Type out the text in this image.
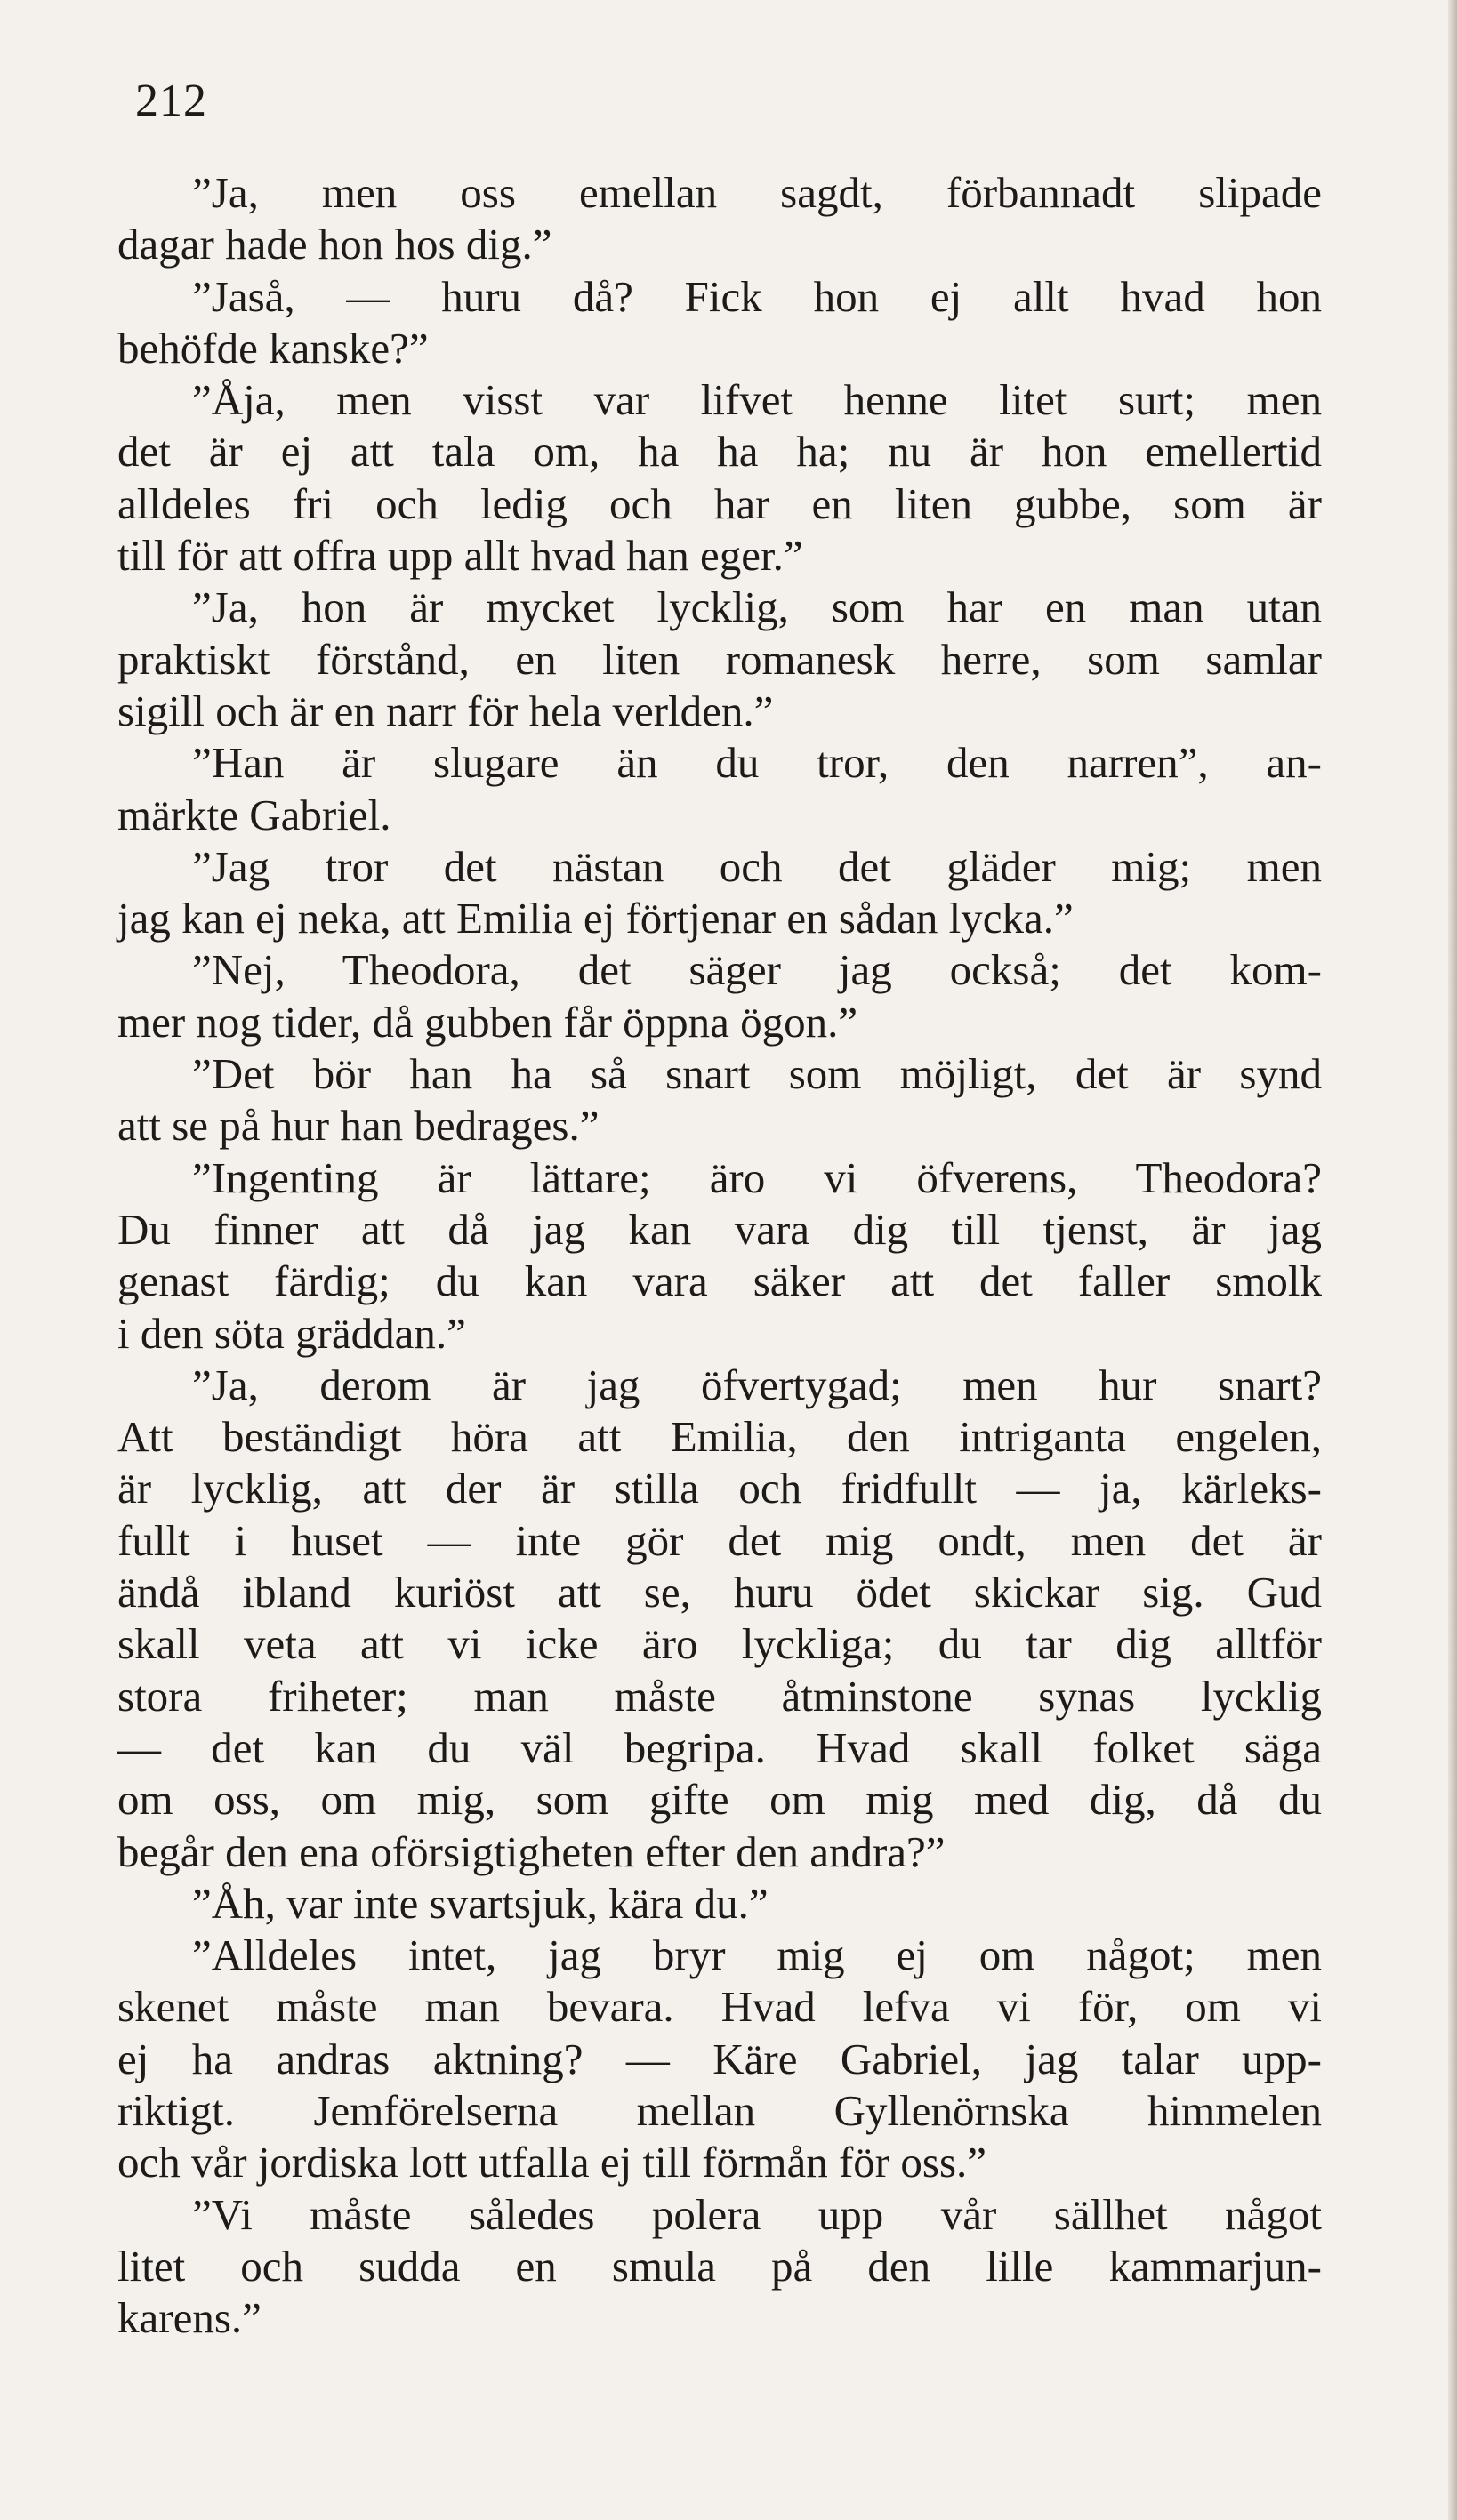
212
”Ja, men oss emellan sagdt, förbannadt slipade
dagar hade hon hos dig.”
”Jaså, — huru då? Fick hon ej allt hvad hon
behöfde kanske?”
”Åja, men visst var lifvet henne litet surt; men
det är ej att tala om, ha ha ha; nu är hon emellertid
alldeles fri och ledig och har en liten gubbe, som är
till för att offra upp allt hvad han eger.”
”Ja, hon är mycket lycklig, som har en man utan
praktiskt förstånd, en liten romanesk herre, som samlar
sigill och är en narr för hela verlden.”
”Han är slugare än du tror, den narren”, an-
märkte Gabriel.
”Jag tror det nästan och det gläder mig; men
jag kan ej neka, att Emilia ej förtjenar en sådan lycka.”
”Nej, Theodora, det säger jag också; det kom-
mer nog tider, då gubben får öppna ögon.”
”Det bör han ha så snart som möjligt, det är synd
att se på hur han bedrages.”
”Ingenting är lättare; äro vi öfverens, Theodora?
Du finner att då jag kan vara dig till tjenst, är jag
genast färdig; du kan vara säker att det faller smolk
i den söta gräddan.”
”Ja, derom är jag öfvertygad; men hur snart?
Att beständigt höra att Emilia, den intriganta engelen,
är lycklig, att der är stilla och fridfullt — ja, kärleks-
fullt i huset — inte gör det mig ondt, men det är
ändå ibland kuriöst att se, huru ödet skickar sig. Gud
skall veta att vi icke äro lyckliga; du tar dig alltför
stora friheter; man måste åtminstone synas lycklig
— det kan du väl begripa. Hvad skall folket säga
om oss, om mig, som gifte om mig med dig, då du
begår den ena oförsigtigheten efter den andra?”
”Åh, var inte svartsjuk, kära du.”
”Alldeles intet, jag bryr mig ej om något; men
skenet måste man bevara. Hvad lefva vi för, om vi
ej ha andras aktning? — Käre Gabriel, jag talar upp-
riktigt. Jemförelserna mellan Gyllenörnska himmelen
och vår jordiska lott utfalla ej till förmån för oss.”
”Vi måste således polera upp vår sällhet något
litet och sudda en smula på den lille kammarjun-
karens.”
